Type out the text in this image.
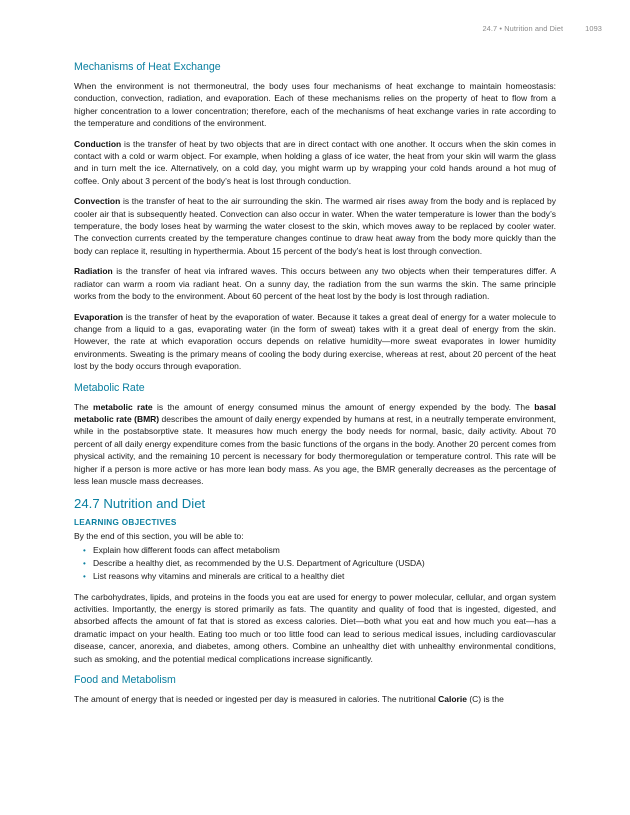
24.7 • Nutrition and Diet	1093
Mechanisms of Heat Exchange

When the environment is not thermoneutral, the body uses four mechanisms of heat exchange to maintain homeostasis: conduction, convection, radiation, and evaporation. Each of these mechanisms relies on the property of heat to flow from a higher concentration to a lower concentration; therefore, each of the mechanisms of heat exchange varies in rate according to the temperature and conditions of the environment.

Conduction is the transfer of heat by two objects that are in direct contact with one another. It occurs when the skin comes in contact with a cold or warm object. For example, when holding a glass of ice water, the heat from your skin will warm the glass and in turn melt the ice. Alternatively, on a cold day, you might warm up by wrapping your cold hands around a hot mug of coffee. Only about 3 percent of the body’s heat is lost through conduction.

Convection is the transfer of heat to the air surrounding the skin. The warmed air rises away from the body and is replaced by cooler air that is subsequently heated. Convection can also occur in water. When the water temperature is lower than the body’s temperature, the body loses heat by warming the water closest to the skin, which moves away to be replaced by cooler water. The convection currents created by the temperature changes continue to draw heat away from the body more quickly than the body can replace it, resulting in hyperthermia. About 15 percent of the body’s heat is lost through convection.

Radiation is the transfer of heat via infrared waves. This occurs between any two objects when their temperatures differ. A radiator can warm a room via radiant heat. On a sunny day, the radiation from the sun warms the skin. The same principle works from the body to the environment. About 60 percent of the heat lost by the body is lost through radiation.

Evaporation is the transfer of heat by the evaporation of water. Because it takes a great deal of energy for a water molecule to change from a liquid to a gas, evaporating water (in the form of sweat) takes with it a great deal of energy from the skin. However, the rate at which evaporation occurs depends on relative humidity—more sweat evaporates in lower humidity environments. Sweating is the primary means of cooling the body during exercise, whereas at rest, about 20 percent of the heat lost by the body occurs through evaporation.

Metabolic Rate

The metabolic rate is the amount of energy consumed minus the amount of energy expended by the body. The basal metabolic rate (BMR) describes the amount of daily energy expended by humans at rest, in a neutrally temperate environment, while in the postabsorptive state. It measures how much energy the body needs for normal, basic, daily activity. About 70 percent of all daily energy expenditure comes from the basic functions of the organs in the body. Another 20 percent comes from physical activity, and the remaining 10 percent is necessary for body thermoregulation or temperature control. This rate will be higher if a person is more active or has more lean body mass. As you age, the BMR generally decreases as the percentage of less lean muscle mass decreases.

24.7 Nutrition and Diet
LEARNING OBJECTIVES

By the end of this section, you will be able to:

• Explain how different foods can affect metabolism
• Describe a healthy diet, as recommended by the U.S. Department of Agriculture (USDA)
• List reasons why vitamins and minerals are critical to a healthy diet

The carbohydrates, lipids, and proteins in the foods you eat are used for energy to power molecular, cellular, and organ system activities. Importantly, the energy is stored primarily as fats. The quantity and quality of food that is ingested, digested, and absorbed affects the amount of fat that is stored as excess calories. Diet—both what you eat and how much you eat—has a dramatic impact on your health. Eating too much or too little food can lead to serious medical issues, including cardiovascular disease, cancer, anorexia, and diabetes, among others. Combine an unhealthy diet with unhealthy environmental conditions, such as smoking, and the potential medical complications increase significantly.

Food and Metabolism

The amount of energy that is needed or ingested per day is measured in calories. The nutritional Calorie (C) is the
